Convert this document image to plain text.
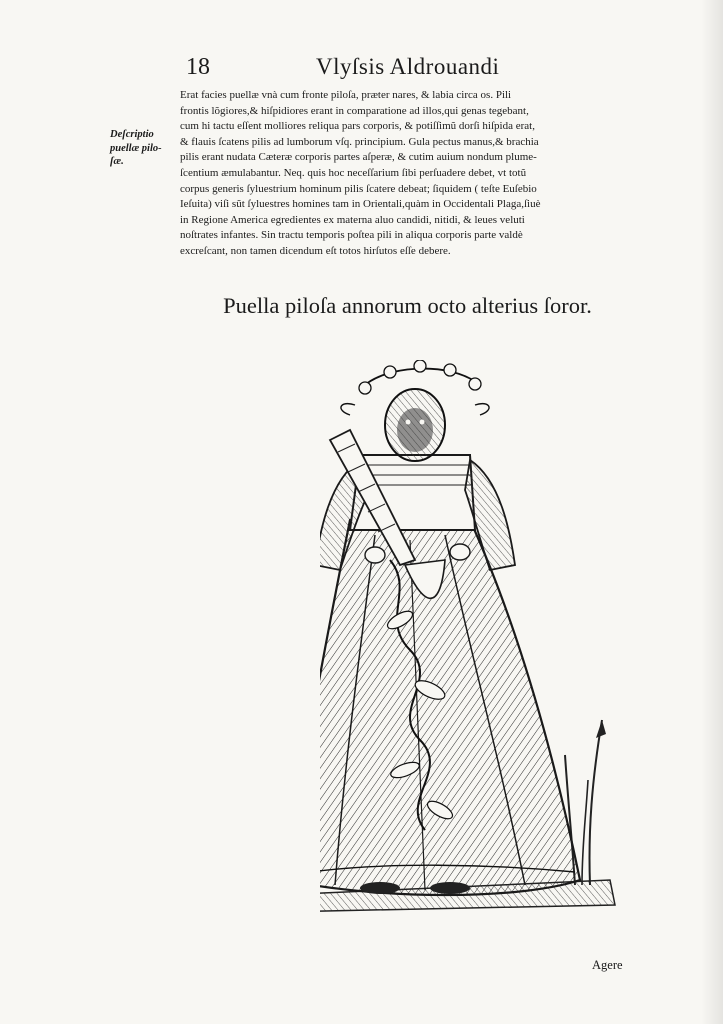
18	Vlyſsis Aldrouandi
Deſcriptio
puellæ pilo-
ſæ.
Erat facies puellæ vnà cum fronte piloſa, præter nares, & labia circa os. Pili
frontis lõgiores,& hiſpidiores erant in comparatione ad illos,qui genas tegebant,
cum hi tactu eſſent molliores reliqua pars corporis, & potiſſimũ dorſi hiſpida erat,
& flauis ſcatens pilis ad lumborum vſq. principium. Gula pectus manus,& brachia
pilis erant nudata Cæteræ corporis partes aſperæ, & cutim auium nondum plume-
ſcentium æmulabantur. Neq. quis hoc neceſſarium ſibi perſuadere debet, vt totũ
corpus generis ſyluestrium hominum pilis ſcatere debeat; ſiquidem ( teſte Euſebio
Ieſuita) viſi sũt ſyluestres homines tam in Orientali,quàm in Occidentali Plaga,ſiuè
in Regione America egredientes ex materna aluo candidi, nitidi, & leues veluti
noſtrates infantes. Sin tractu temporis poſtea pili in aliqua corporis parte valdè
excreſcant, non tamen dicendum eſt totos hirſutos eſſe debere.
Puella piloſa annorum octo alterius ſoror.
Agere
